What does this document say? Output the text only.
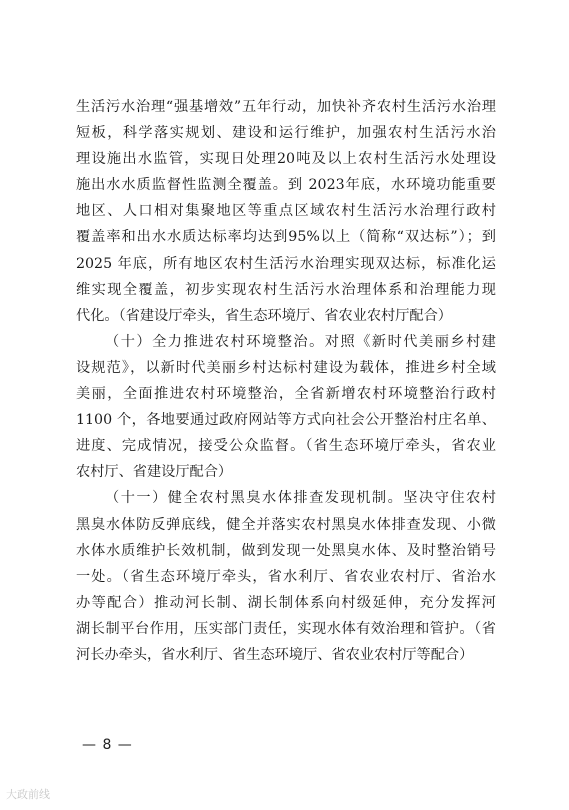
生活污水治理“强基增效”五年行动，加快补齐农村生活污水治理
短板，科学落实规划、建设和运行维护，加强农村生活污水治
理设施出水监管，实现日处理20吨及以上农村生活污水处理设
施出水水质监督性监测全覆盖。到 2023年底，水环境功能重要
地区、人口相对集聚地区等重点区域农村生活污水治理行政村
覆盖率和出水水质达标率均达到95%以上（简称“双达标”）；到
2025 年底，所有地区农村生活污水治理实现双达标，标准化运
维实现全覆盖，初步实现农村生活污水治理体系和治理能力现
代化。（省建设厅牵头，省生态环境厅、省农业农村厅配合）
（十）全力推进农村环境整治。对照《新时代美丽乡村建
设规范》，以新时代美丽乡村达标村建设为载体，推进乡村全域
美丽，全面推进农村环境整治，全省新增农村环境整治行政村
1100 个，各地要通过政府网站等方式向社会公开整治村庄名单、
进度、完成情况，接受公众监督。（省生态环境厅牵头，省农业
农村厅、省建设厅配合）
（十一）健全农村黑臭水体排查发现机制。坚决守住农村
黑臭水体防反弹底线，健全并落实农村黑臭水体排查发现、小微
水体水质维护长效机制，做到发现一处黑臭水体、及时整治销号
一处。（省生态环境厅牵头，省水利厅、省农业农村厅、省治水
办等配合）推动河长制、湖长制体系向村级延伸，充分发挥河
湖长制平台作用，压实部门责任，实现水体有效治理和管护。（省
河长办牵头，省水利厅、省生态环境厅、省农业农村厅等配合）
— 8 —
大政前线
